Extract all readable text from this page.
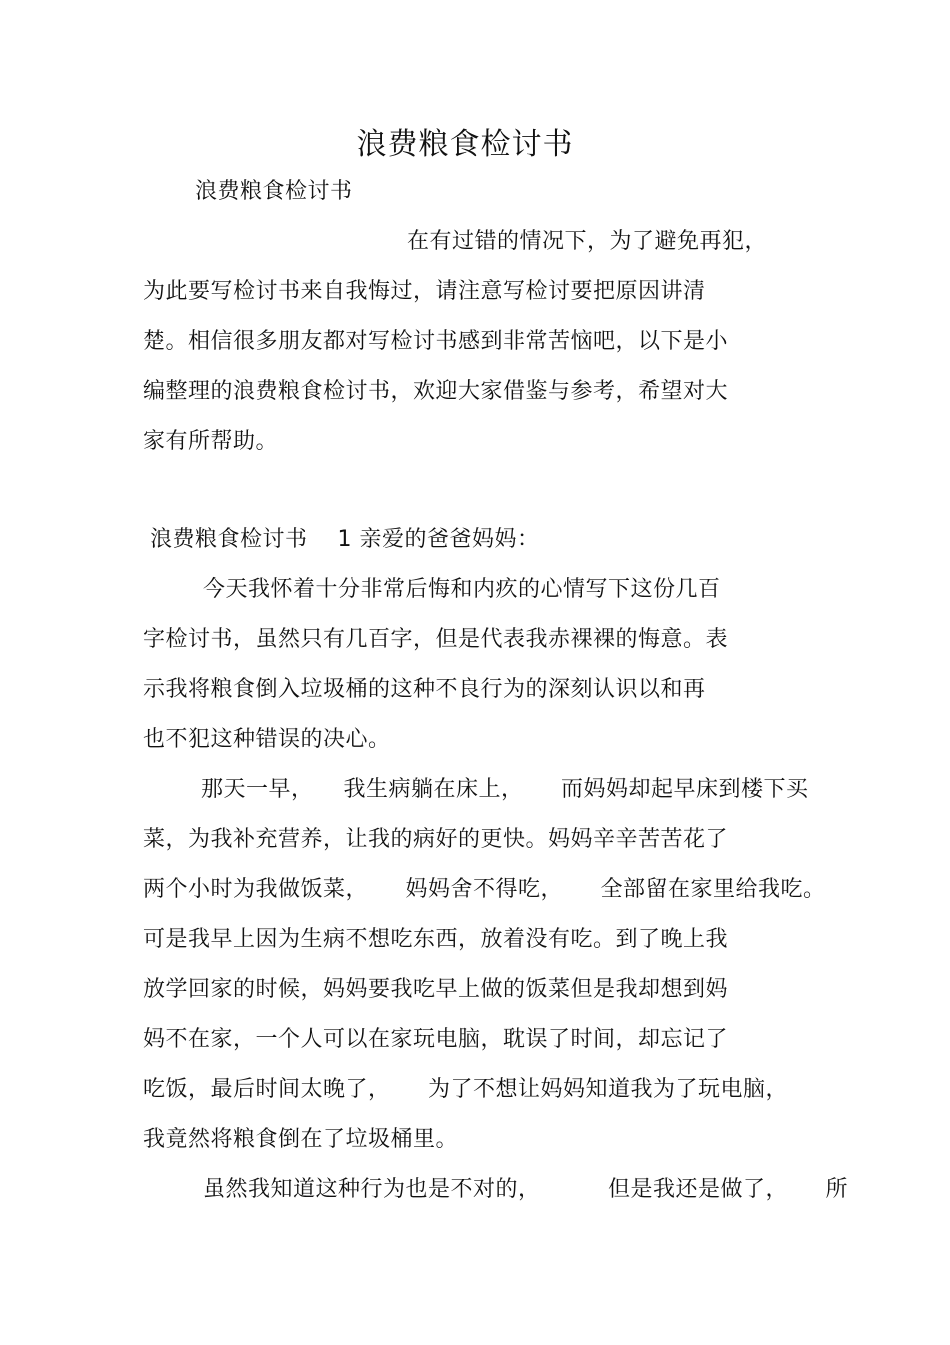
浪费粮食检讨书
浪费粮食检讨书
在有过错的情况下，为了避免再犯，
为此要写检讨书来自我悔过，请注意写检讨要把原因讲清
楚。相信很多朋友都对写检讨书感到非常苦恼吧，以下是小
编整理的浪费粮食检讨书，欢迎大家借鉴与参考，希望对大
家有所帮助。
浪费粮食检讨书 　1 亲爱的爸爸妈妈：
今天我怀着十分非常后悔和内疚的心情写下这份几百
字检讨书，虽然只有几百字，但是代表我赤裸裸的悔意。表
示我将粮食倒入垃圾桶的这种不良行为的深刻认识以和再
也不犯这种错误的决心。
那天一早， 　我生病躺在床上， 　 而妈妈却起早床到楼下买
菜，为我补充营养，让我的病好的更快。妈妈辛辛苦苦花了
两个小时为我做饭菜， 　 妈妈舍不得吃， 　 全部留在家里给我吃。
可是我早上因为生病不想吃东西，放着没有吃。到了晚上我
放学回家的时候，妈妈要我吃早上做的饭菜但是我却想到妈
妈不在家，一个人可以在家玩电脑，耽误了时间，却忘记了
吃饭，最后时间太晚了， 　 为了不想让妈妈知道我为了玩电脑，
我竟然将粮食倒在了垃圾桶里。
虽然我知道这种行为也是不对的， 　 　 但是我还是做了， 　 所
